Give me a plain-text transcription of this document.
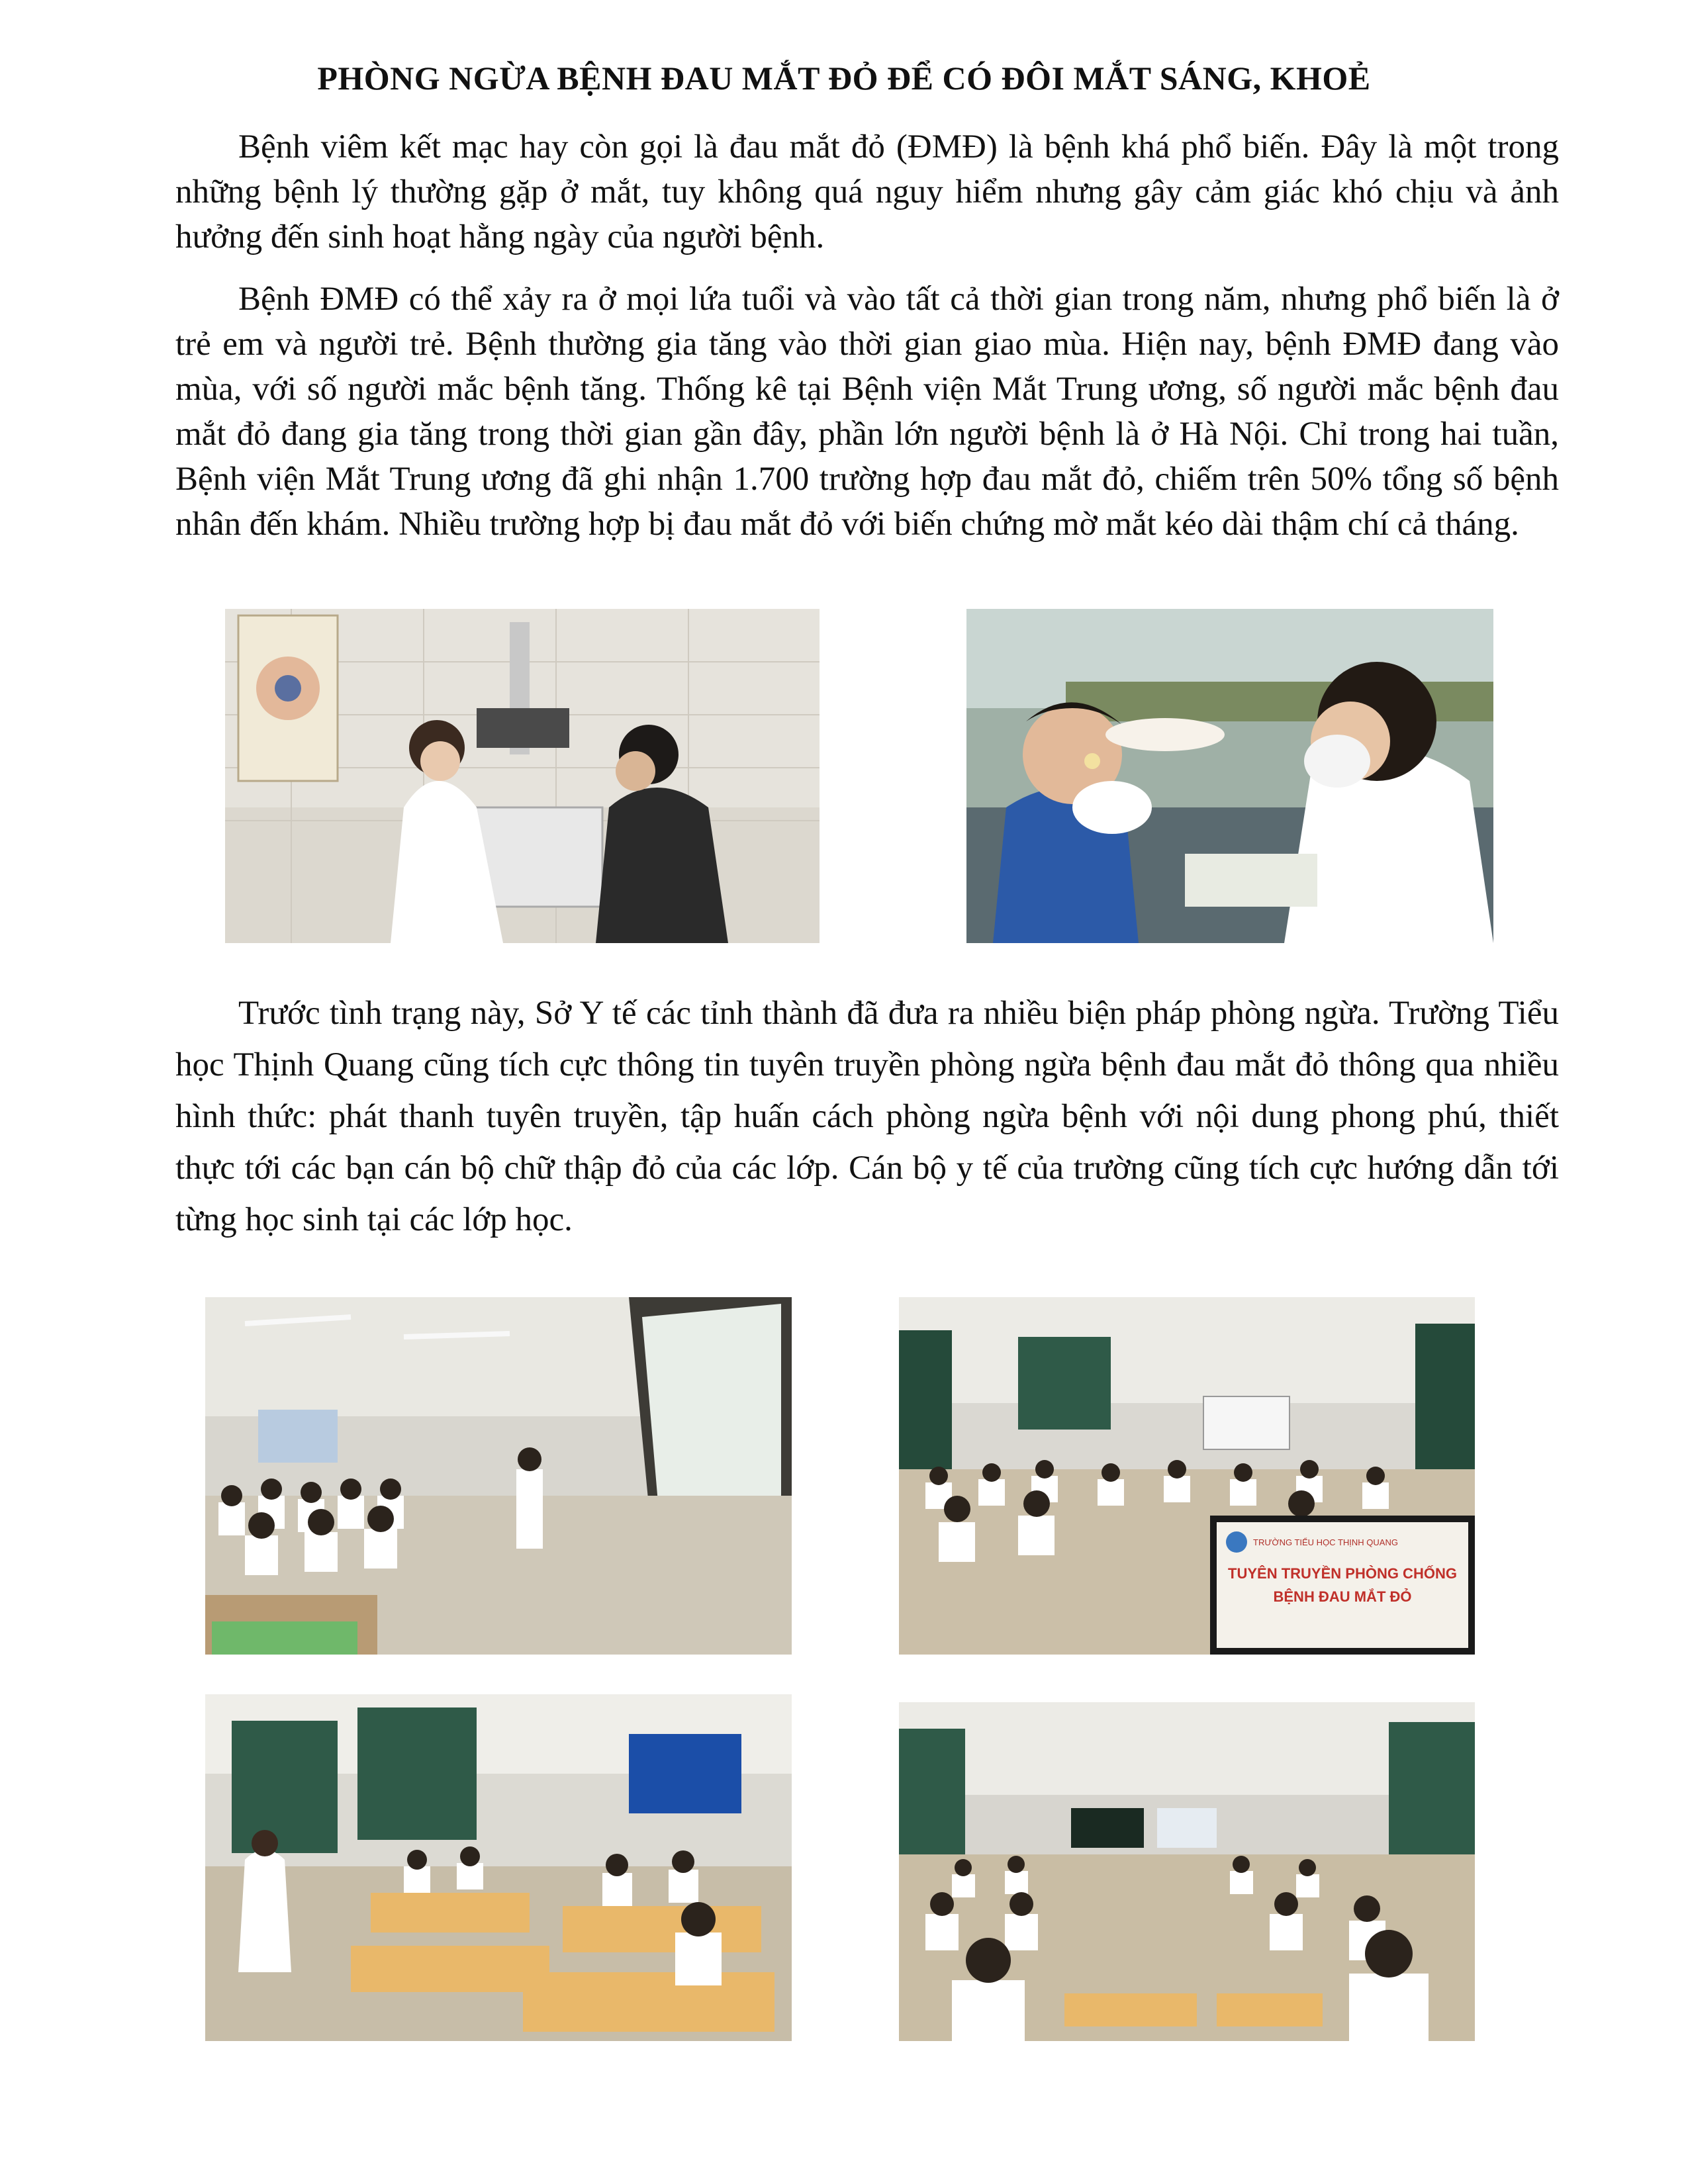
PHÒNG NGỪA BỆNH ĐAU MẮT ĐỎ ĐỂ CÓ ĐÔI MẮT SÁNG, KHOẺ

Bệnh viêm kết mạc hay còn gọi là đau mắt đỏ (ĐMĐ) là bệnh khá phổ biến. Đây là một trong những bệnh lý thường gặp ở mắt, tuy không quá nguy hiểm nhưng gây cảm giác khó chịu và ảnh hưởng đến sinh hoạt hằng ngày của người bệnh.

Bệnh ĐMĐ có thể xảy ra ở mọi lứa tuổi và vào tất cả thời gian trong năm, nhưng phổ biến là ở trẻ em và người trẻ. Bệnh thường gia tăng vào thời gian giao mùa. Hiện nay, bệnh ĐMĐ đang vào mùa, với số người mắc bệnh tăng. Thống kê tại Bệnh viện Mắt Trung ương, số người mắc bệnh đau mắt đỏ đang gia tăng trong thời gian gần đây, phần lớn người bệnh là ở Hà Nội. Chỉ trong hai tuần, Bệnh viện Mắt Trung ương đã ghi nhận 1.700 trường hợp đau mắt đỏ, chiếm trên 50% tổng số bệnh nhân đến khám. Nhiều trường hợp bị đau mắt đỏ với biến chứng mờ mắt kéo dài thậm chí cả tháng.

Trước tình trạng này, Sở Y tế các tỉnh thành đã đưa ra nhiều biện pháp phòng ngừa. Trường Tiểu học Thịnh Quang cũng tích cực thông tin tuyên truyền phòng ngừa bệnh đau mắt đỏ thông qua nhiều hình thức: phát thanh tuyên truyền, tập huấn cách phòng ngừa bệnh với nội dung phong phú, thiết thực tới các bạn cán bộ chữ thập đỏ của các lớp. Cán bộ y tế của trường cũng tích cực hướng dẫn tới từng học sinh tại các lớp học.

TRƯỜNG TIỂU HỌC THỊNH QUANG
TUYÊN TRUYỀN PHÒNG CHỐNG
BỆNH ĐAU MẮT ĐỎ
